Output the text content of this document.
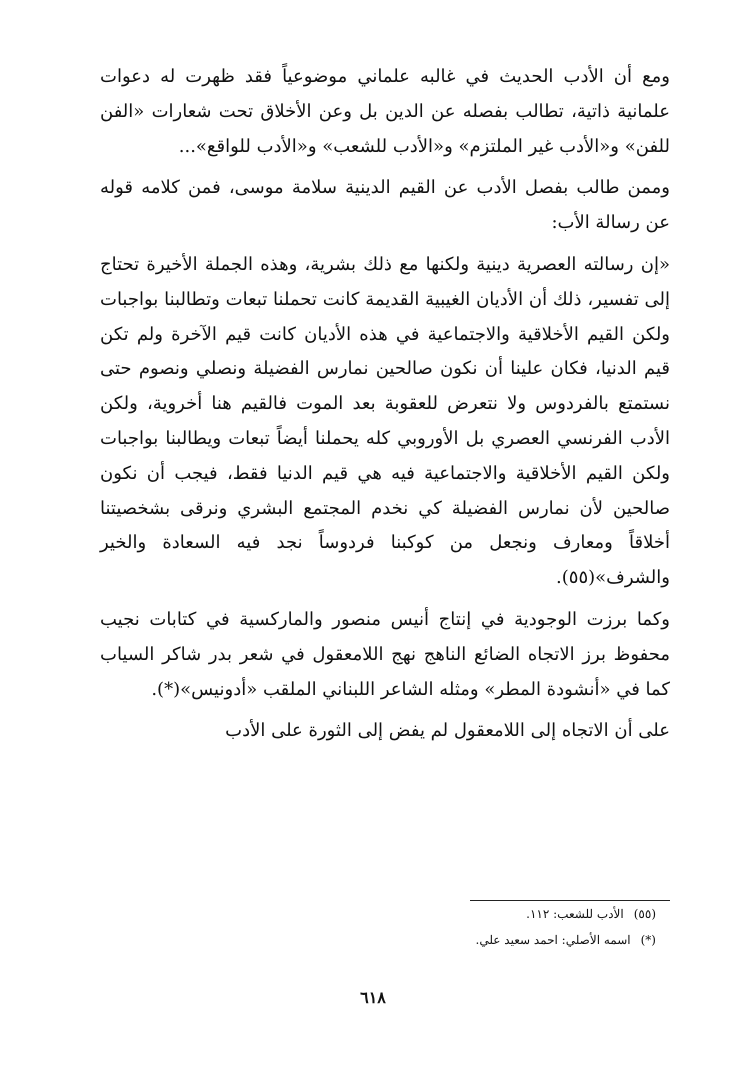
ومع أن الأدب الحديث في غالبه علماني موضوعياً فقد ظهرت له دعوات علمانية ذاتية، تطالب بفصله عن الدين بل وعن الأخلاق تحت شعارات «الفن للفن» و«الأدب غير الملتزم» و«الأدب للشعب» و«الأدب للواقع»...

وممن طالب بفصل الأدب عن القيم الدينية سلامة موسى، فمن كلامه قوله عن رسالة الأب:

«إن رسالته العصرية دينية ولكنها مع ذلك بشرية، وهذه الجملة الأخيرة تحتاج إلى تفسير، ذلك أن الأديان الغيبية القديمة كانت تحملنا تبعات وتطالبنا بواجبات ولكن القيم الأخلاقية والاجتماعية في هذه الأديان كانت قيم الآخرة ولم تكن قيم الدنيا، فكان علينا أن نكون صالحين نمارس الفضيلة ونصلي ونصوم حتى نستمتع بالفردوس ولا نتعرض للعقوبة بعد الموت فالقيم هنا أخروية، ولكن الأدب الفرنسي العصري بل الأوروبي كله يحملنا أيضاً تبعات ويطالبنا بواجبات ولكن القيم الأخلاقية والاجتماعية فيه هي قيم الدنيا فقط، فيجب أن نكون صالحين لأن نمارس الفضيلة كي نخدم المجتمع البشري ونرقى بشخصيتنا أخلاقاً ومعارف ونجعل من كوكبنا فردوساً نجد فيه السعادة والخير والشرف»(٥٥).

وكما برزت الوجودية في إنتاج أنيس منصور والماركسية في كتابات نجيب محفوظ برز الاتجاه الضائع الناهج نهج اللامعقول في شعر بدر شاكر السياب كما في «أنشودة المطر» ومثله الشاعر اللبناني الملقب «أدونيس»(*).

على أن الاتجاه إلى اللامعقول لم يفض إلى الثورة على الأدب

(٥٥)الأدب للشعب: ١١٢.

(*)اسمه الأصلي: احمد سعيد علي.

٦١٨
